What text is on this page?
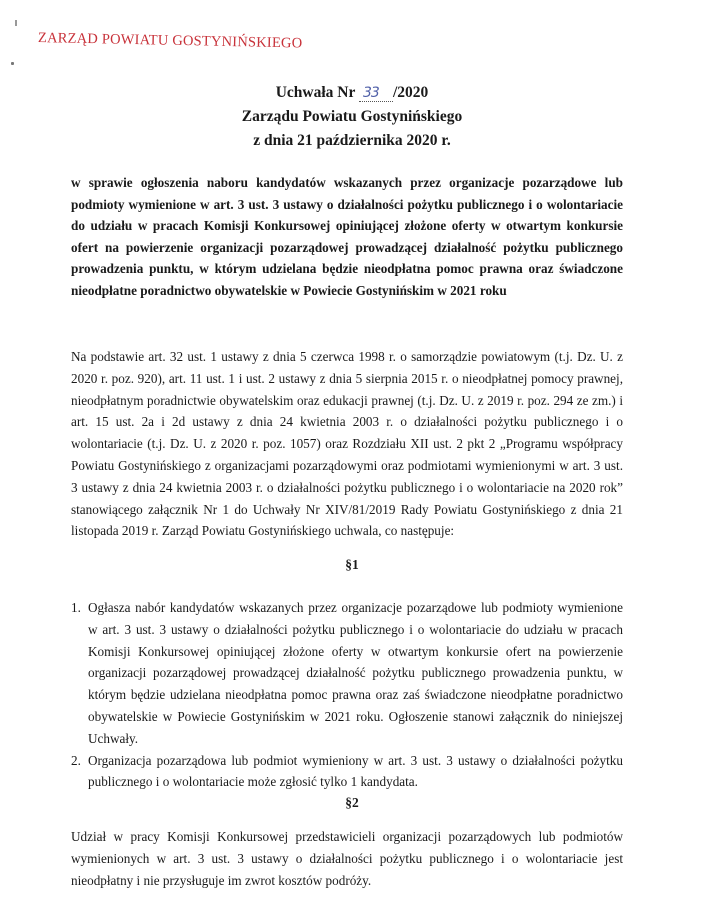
ZARZĄD POWIATU GOSTYNIŃSKIEGO
Uchwała Nr 33 /2020
Zarządu Powiatu Gostynińskiego
z dnia 21 października 2020 r.
w sprawie ogłoszenia naboru kandydatów wskazanych przez organizacje pozarządowe lub podmioty wymienione w art. 3 ust. 3 ustawy o działalności pożytku publicznego i o wolontariacie do udziału w pracach Komisji Konkursowej opiniującej złożone oferty w otwartym konkursie ofert na powierzenie organizacji pozarządowej prowadzącej działalność pożytku publicznego prowadzenia punktu, w którym udzielana będzie nieodpłatna pomoc prawna oraz świadczone nieodpłatne poradnictwo obywatelskie w Powiecie Gostynińskim w 2021 roku
Na podstawie art. 32 ust. 1 ustawy z dnia 5 czerwca 1998 r. o samorządzie powiatowym (t.j. Dz. U. z 2020 r. poz. 920), art. 11 ust. 1 i ust. 2 ustawy z dnia 5 sierpnia 2015 r. o nieodpłatnej pomocy prawnej, nieodpłatnym poradnictwie obywatelskim oraz edukacji prawnej (t.j. Dz. U. z 2019 r. poz. 294 ze zm.) i art. 15 ust. 2a i 2d ustawy z dnia 24 kwietnia 2003 r. o działalności pożytku publicznego i o wolontariacie (t.j. Dz. U. z 2020 r. poz. 1057) oraz Rozdziału XII ust. 2 pkt 2 „Programu współpracy Powiatu Gostynińskiego z organizacjami pozarządowymi oraz podmiotami wymienionymi w art. 3 ust. 3 ustawy z dnia 24 kwietnia 2003 r. o działalności pożytku publicznego i o wolontariacie na 2020 rok” stanowiącego załącznik Nr 1 do Uchwały Nr XIV/81/2019 Rady Powiatu Gostynińskiego z dnia 21 listopada 2019 r. Zarząd Powiatu Gostynińskiego uchwala, co następuje:
§1
1. Ogłasza nabór kandydatów wskazanych przez organizacje pozarządowe lub podmioty wymienione w art. 3 ust. 3 ustawy o działalności pożytku publicznego i o wolontariacie do udziału w pracach Komisji Konkursowej opiniującej złożone oferty w otwartym konkursie ofert na powierzenie organizacji pozarządowej prowadzącej działalność pożytku publicznego prowadzenia punktu, w którym będzie udzielana nieodpłatna pomoc prawna oraz zaś świadczone nieodpłatne poradnictwo obywatelskie w Powiecie Gostynińskim w 2021 roku. Ogłoszenie stanowi załącznik do niniejszej Uchwały.
2. Organizacja pozarządowa lub podmiot wymieniony w art. 3 ust. 3 ustawy o działalności pożytku publicznego i o wolontariacie może zgłosić tylko 1 kandydata.
§2
Udział w pracy Komisji Konkursowej przedstawicieli organizacji pozarządowych lub podmiotów wymienionych w art. 3 ust. 3 ustawy o działalności pożytku publicznego i o wolontariacie jest nieodpłatny i nie przysługuje im zwrot kosztów podróży.
